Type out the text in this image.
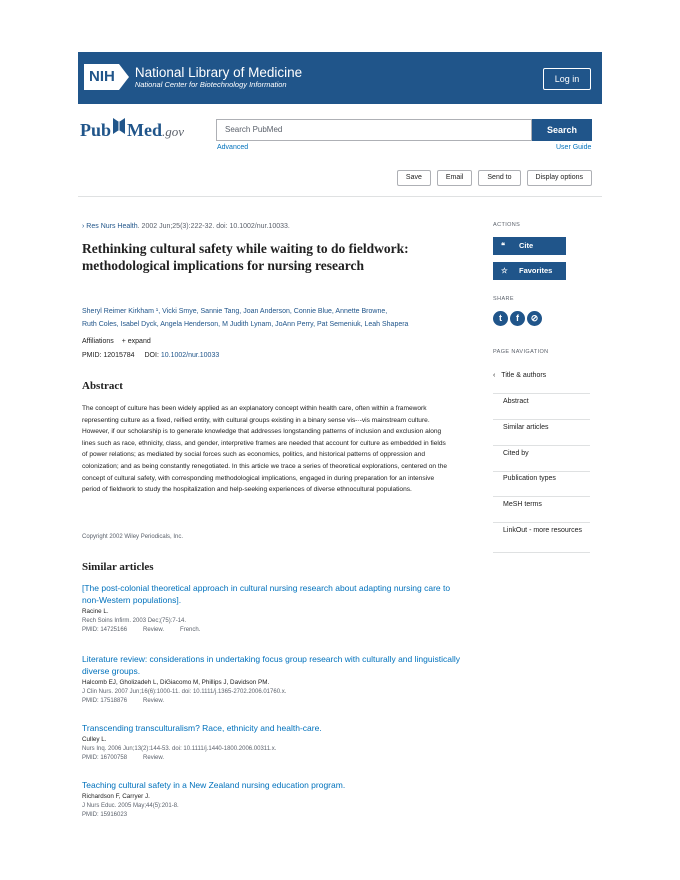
NIH National Library of Medicine
National Center for Biotechnology Information
Log in
Pub Med .gov	Search PubMed	Search
Advanced	User Guide
Save	Email	Send to	Display options
› Res Nurs Health. 2002 Jun;25(3):222-32. doi: 10.1002/nur.10033.
Rethinking cultural safety while waiting to do fieldwork: methodological implications for nursing research
Sheryl Reimer Kirkham ¹, Vicki Smye, Sannie Tang, Joan Anderson, Connie Blue, Annette Browne,
Ruth Coles, Isabel Dyck, Angela Henderson, M Judith Lynam, JoAnn Perry, Pat Semeniuk, Leah Shapera
Affiliations + expand
PMID: 12015784 DOI: 10.1002/nur.10033
Abstract

The concept of culture has been widely applied as an explanatory concept within health care, often within a framework representing culture as a fixed, reified entity, with cultural groups existing in a binary sense vis-·-vis mainstream culture. However, if our scholarship is to generate knowledge that addresses longstanding patterns of inclusion and exclusion along lines such as race, ethnicity, class, and gender, interpretive frames are needed that account for culture as embedded in fields of power relations; as mediated by social forces such as economics, politics, and historical patterns of oppression and colonization; and as being constantly renegotiated. In this article we trace a series of theoretical explorations, centered on the concept of cultural safety, with corresponding methodological implications, engaged in during preparation for an intensive period of fieldwork to study the hospitalization and help-seeking experiences of diverse ethnocultural populations.

Copyright 2002 Wiley Periodicals, Inc.
Similar articles
[The post-colonial theoretical approach in cultural nursing research about adapting nursing care to non-Western populations].
Racine L.
Rech Soins Infirm. 2003 Dec;(75):7-14.
PMID: 14725166	Review.	French.
Literature review: considerations in undertaking focus group research with culturally and linguistically diverse groups.
Halcomb EJ, Gholizadeh L, DiGiacomo M, Phillips J, Davidson PM.
J Clin Nurs. 2007 Jun;16(6):1000-11. doi: 10.1111/j.1365-2702.2006.01760.x.
PMID: 17518876	Review.
Transcending transculturalism? Race, ethnicity and health-care.
Culley L.
Nurs Inq. 2006 Jun;13(2):144-53. doi: 10.1111/j.1440-1800.2006.00311.x.
PMID: 16700758	Review.
Teaching cultural safety in a New Zealand nursing education program.
Richardson F, Carryer J.
J Nurs Educ. 2005 May;44(5):201-8.
PMID: 15916023
ACTIONS
❝ Cite
☆ Favorites
SHARE
t	f	⊘
PAGE NAVIGATION
‹ Title & authors
Abstract
Similar articles
Cited by
Publication types
MeSH terms
LinkOut - more resources
